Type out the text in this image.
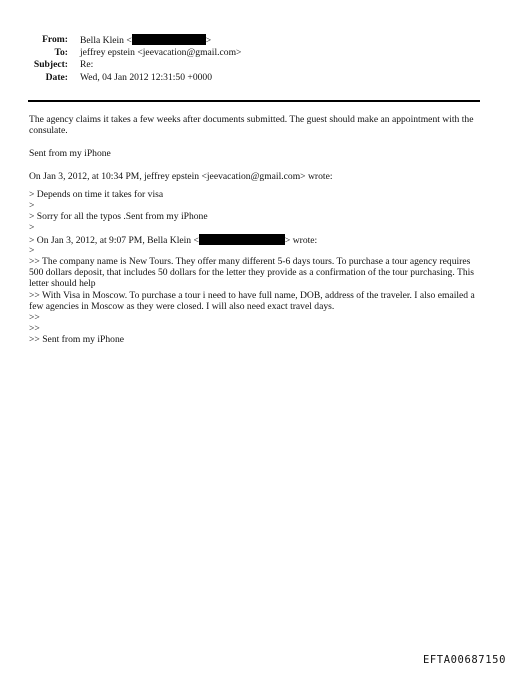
From: Bella Klein <	>
To: jeffrey epstein <jeevacation@gmail.com>
Subject: Re:
Date: Wed, 04 Jan 2012 12:31:50 +0000

The agency claims it takes a few weeks after documents submitted. The guest should make an appointment with the consulate.

Sent from my iPhone

On Jan 3, 2012, at 10:34 PM, jeffrey epstein <jeevacation@gmail.com> wrote:

> Depends on time it takes for visa
>
> Sorry for all the typos .Sent from my iPhone
>
> On Jan 3, 2012, at 9:07 PM, Bella Klein <	> wrote:
>

>> The company name is New Tours. They offer many different 5-6 days tours. To purchase a tour agency requires 500 dollars deposit, that includes 50 dollars for the letter they provide as a confirmation of the tour purchasing. This letter should help

>> With Visa in Moscow. To purchase a tour i need to have full name, DOB, address of the traveler. I also emailed a few agencies in Moscow as they were closed. I will also need exact travel days.

>>
>>
>> Sent from my iPhone
EFTA00687150
